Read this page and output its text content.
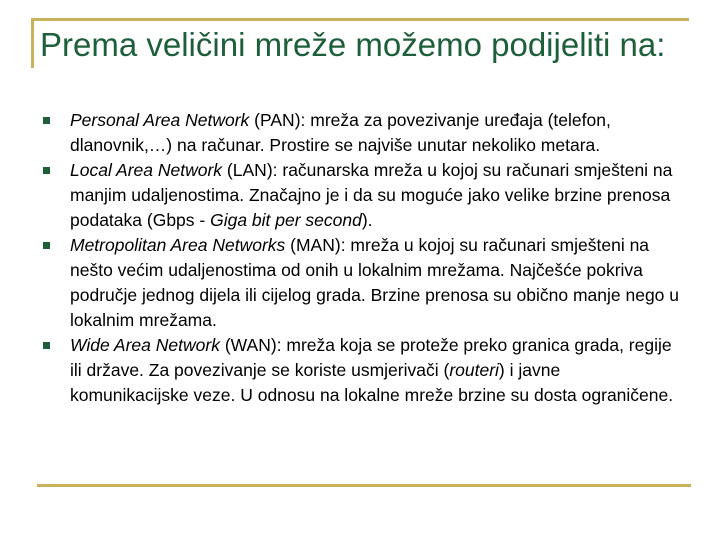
Prema veličini mreže možemo podijeliti na:
Personal Area Network (PAN): mreža za povezivanje uređaja (telefon, dlanovnik,…) na računar. Prostire se najviše unutar nekoliko metara.
Local Area Network (LAN): računarska mreža u kojoj su računari smješteni na manjim udaljenostima. Značajno je i da su moguće jako velike brzine prenosa podataka (Gbps - Giga bit per second).
Metropolitan Area Networks (MAN): mreža u kojoj su računari smješteni na nešto većim udaljenostima od onih u lokalnim mrežama. Najčešće pokriva područje jednog dijela ili cijelog grada. Brzine prenosa su obično manje nego u lokalnim mrežama.
Wide Area Network (WAN): mreža koja se proteže preko granica grada, regije ili države. Za povezivanje se koriste usmjerivači (routeri) i javne komunikacijske veze. U odnosu na lokalne mreže brzine su dosta ograničene.
